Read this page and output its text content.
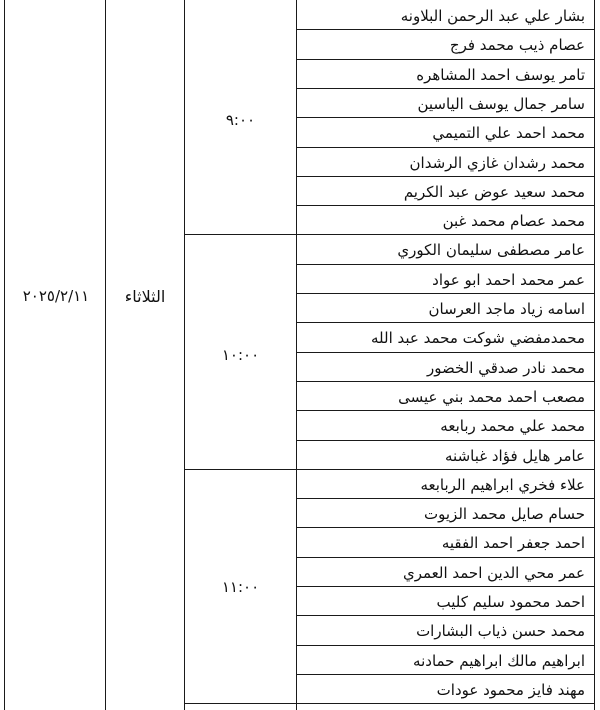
٢٠٢٥/٢/١١	الثلاثاء
٩:٠٠
١٠:٠٠
١١:٠٠
بشار علي عبد الرحمن البلاونه
عصام ذيب محمد فرج
تامر يوسف احمد المشاهره
سامر جمال يوسف الياسين
محمد احمد علي التميمي
محمد رشدان غازي الرشدان
محمد سعيد عوض عبد الكريم
محمد عصام محمد غبن
عامر مصطفى سليمان الكوري
عمر محمد احمد ابو عواد
اسامه زياد ماجد العرسان
محمدمفضي شوكت محمد عبد الله
محمد نادر صدقي الخضور
مصعب احمد محمد بني عيسى
محمد علي محمد ربابعه
عامر هايل فؤاد غباشنه
علاء فخري ابراهيم الربابعه
حسام صايل محمد الزيوت
احمد جعفر احمد الفقيه
عمر محي الدين احمد العمري
احمد محمود سليم كليب
محمد حسن ذياب البشارات
ابراهيم مالك ابراهيم حمادنه
مهند فايز محمود عودات
